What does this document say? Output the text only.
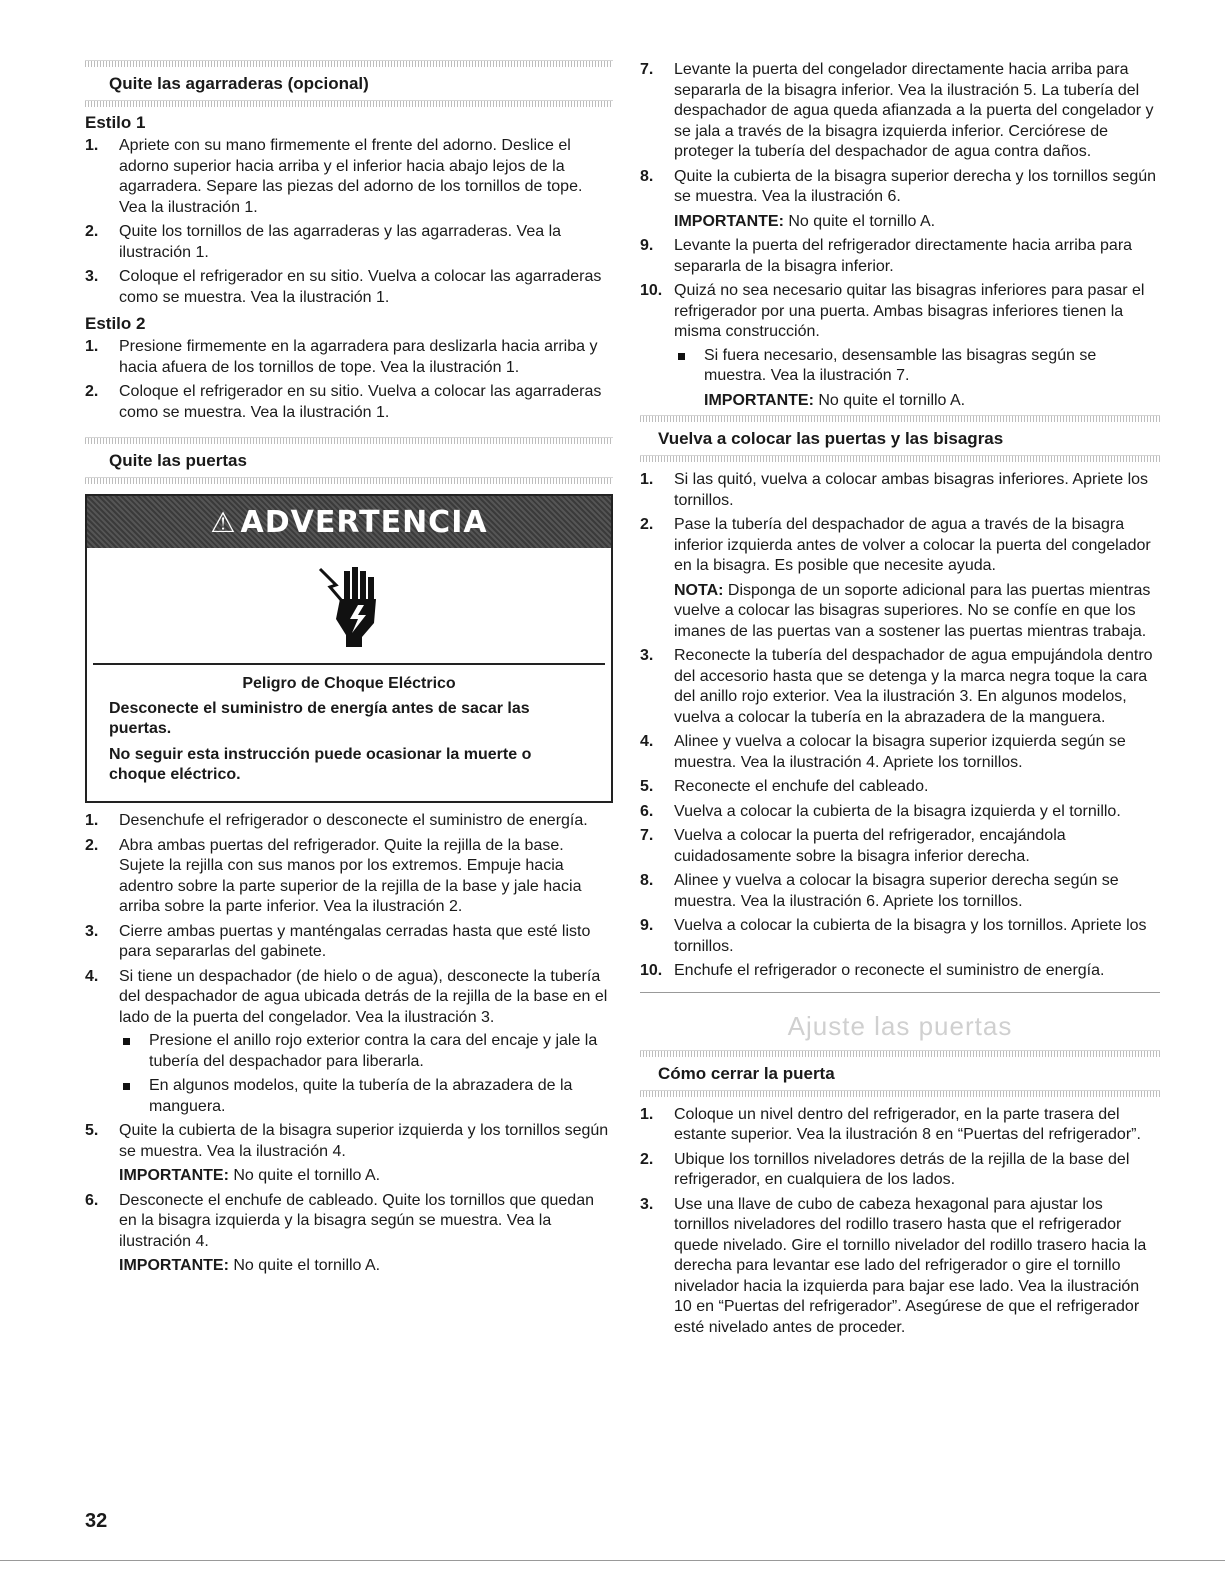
Quite las agarraderas (opcional)
Estilo 1
1. Apriete con su mano firmemente el frente del adorno. Deslice el adorno superior hacia arriba y el inferior hacia abajo lejos de la agarradera. Separe las piezas del adorno de los tornillos de tope. Vea la ilustración 1.
2. Quite los tornillos de las agarraderas y las agarraderas. Vea la ilustración 1.
3. Coloque el refrigerador en su sitio. Vuelva a colocar las agarraderas como se muestra. Vea la ilustración 1.
Estilo 2
1. Presione firmemente en la agarradera para deslizarla hacia arriba y hacia afuera de los tornillos de tope. Vea la ilustración 1.
2. Coloque el refrigerador en su sitio. Vuelva a colocar las agarraderas como se muestra. Vea la ilustración 1.
Quite las puertas
⚠ ADVERTENCIA
Peligro de Choque Eléctrico
Desconecte el suministro de energía antes de sacar las puertas.
No seguir esta instrucción puede ocasionar la muerte o choque eléctrico.
1. Desenchufe el refrigerador o desconecte el suministro de energía.
2. Abra ambas puertas del refrigerador. Quite la rejilla de la base. Sujete la rejilla con sus manos por los extremos. Empuje hacia adentro sobre la parte superior de la rejilla de la base y jale hacia arriba sobre la parte inferior. Vea la ilustración 2.
3. Cierre ambas puertas y manténgalas cerradas hasta que esté listo para separarlas del gabinete.
4. Si tiene un despachador (de hielo o de agua), desconecte la tubería del despachador de agua ubicada detrás de la rejilla de la base en el lado de la puerta del congelador. Vea la ilustración 3.
Presione el anillo rojo exterior contra la cara del encaje y jale la tubería del despachador para liberarla.
En algunos modelos, quite la tubería de la abrazadera de la manguera.
5. Quite la cubierta de la bisagra superior izquierda y los tornillos según se muestra. Vea la ilustración 4.
IMPORTANTE: No quite el tornillo A.
6. Desconecte el enchufe de cableado. Quite los tornillos que quedan en la bisagra izquierda y la bisagra según se muestra. Vea la ilustración 4.
IMPORTANTE: No quite el tornillo A.
7. Levante la puerta del congelador directamente hacia arriba para separarla de la bisagra inferior. Vea la ilustración 5. La tubería del despachador de agua queda afianzada a la puerta del congelador y se jala a través de la bisagra izquierda inferior. Cerciórese de proteger la tubería del despachador de agua contra daños.
8. Quite la cubierta de la bisagra superior derecha y los tornillos según se muestra. Vea la ilustración 6.
IMPORTANTE: No quite el tornillo A.
9. Levante la puerta del refrigerador directamente hacia arriba para separarla de la bisagra inferior.
10. Quizá no sea necesario quitar las bisagras inferiores para pasar el refrigerador por una puerta. Ambas bisagras inferiores tienen la misma construcción.
Si fuera necesario, desensamble las bisagras según se muestra. Vea la ilustración 7.
IMPORTANTE: No quite el tornillo A.
Vuelva a colocar las puertas y las bisagras
1. Si las quitó, vuelva a colocar ambas bisagras inferiores. Apriete los tornillos.
2. Pase la tubería del despachador de agua a través de la bisagra inferior izquierda antes de volver a colocar la puerta del congelador en la bisagra. Es posible que necesite ayuda.
NOTA: Disponga de un soporte adicional para las puertas mientras vuelve a colocar las bisagras superiores. No se confíe en que los imanes de las puertas van a sostener las puertas mientras trabaja.
3. Reconecte la tubería del despachador de agua empujándola dentro del accesorio hasta que se detenga y la marca negra toque la cara del anillo rojo exterior. Vea la ilustración 3. En algunos modelos, vuelva a colocar la tubería en la abrazadera de la manguera.
4. Alinee y vuelva a colocar la bisagra superior izquierda según se muestra. Vea la ilustración 4. Apriete los tornillos.
5. Reconecte el enchufe del cableado.
6. Vuelva a colocar la cubierta de la bisagra izquierda y el tornillo.
7. Vuelva a colocar la puerta del refrigerador, encajándola cuidadosamente sobre la bisagra inferior derecha.
8. Alinee y vuelva a colocar la bisagra superior derecha según se muestra. Vea la ilustración 6. Apriete los tornillos.
9. Vuelva a colocar la cubierta de la bisagra y los tornillos. Apriete los tornillos.
10. Enchufe el refrigerador o reconecte el suministro de energía.
Ajuste las puertas
Cómo cerrar la puerta
1. Coloque un nivel dentro del refrigerador, en la parte trasera del estante superior. Vea la ilustración 8 en “Puertas del refrigerador”.
2. Ubique los tornillos niveladores detrás de la rejilla de la base del refrigerador, en cualquiera de los lados.
3. Use una llave de cubo de cabeza hexagonal para ajustar los tornillos niveladores del rodillo trasero hasta que el refrigerador quede nivelado. Gire el tornillo nivelador del rodillo trasero hacia la derecha para levantar ese lado del refrigerador o gire el tornillo nivelador hacia la izquierda para bajar ese lado. Vea la ilustración 10 en “Puertas del refrigerador”. Asegúrese de que el refrigerador esté nivelado antes de proceder.
32
